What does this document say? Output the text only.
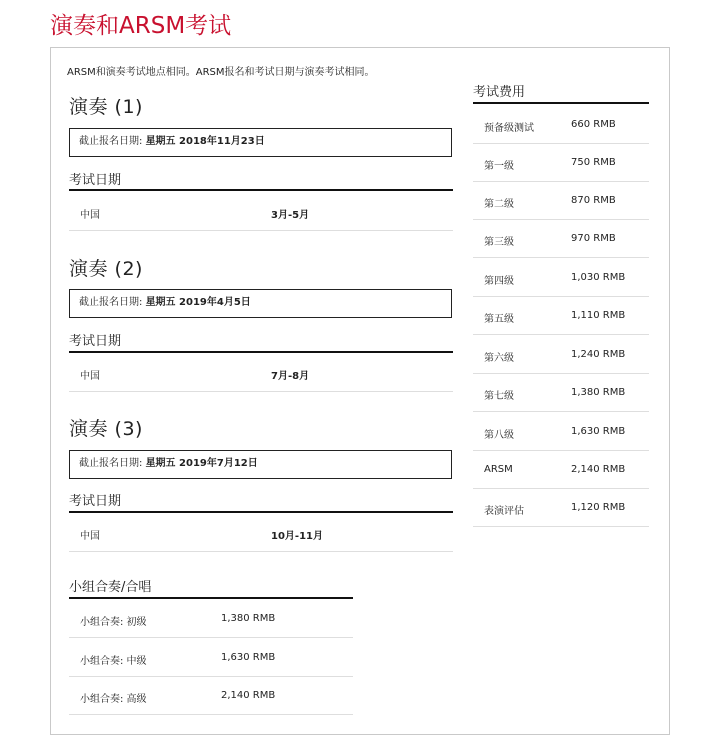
演奏和ARSM考试
ARSM和演奏考试地点相同。ARSM报名和考试日期与演奏考试相同。
演奏 (1)
截止报名日期: 星期五 2018年11月23日
考试日期
中国	3月-5月
演奏 (2)
截止报名日期: 星期五 2019年4月5日
考试日期
中国	7月-8月
演奏 (3)
截止报名日期: 星期五 2019年7月12日
考试日期
中国	10月-11月
小组合奏/合唱
小组合奏: 初级	1,380 RMB
小组合奏: 中级	1,630 RMB
小组合奏: 高级	2,140 RMB
考试费用
预备级测试	660 RMB
第一级	750 RMB
第二级	870 RMB
第三级	970 RMB
第四级	1,030 RMB
第五级	1,110 RMB
第六级	1,240 RMB
第七级	1,380 RMB
第八级	1,630 RMB
ARSM	2,140 RMB
表演评估	1,120 RMB
